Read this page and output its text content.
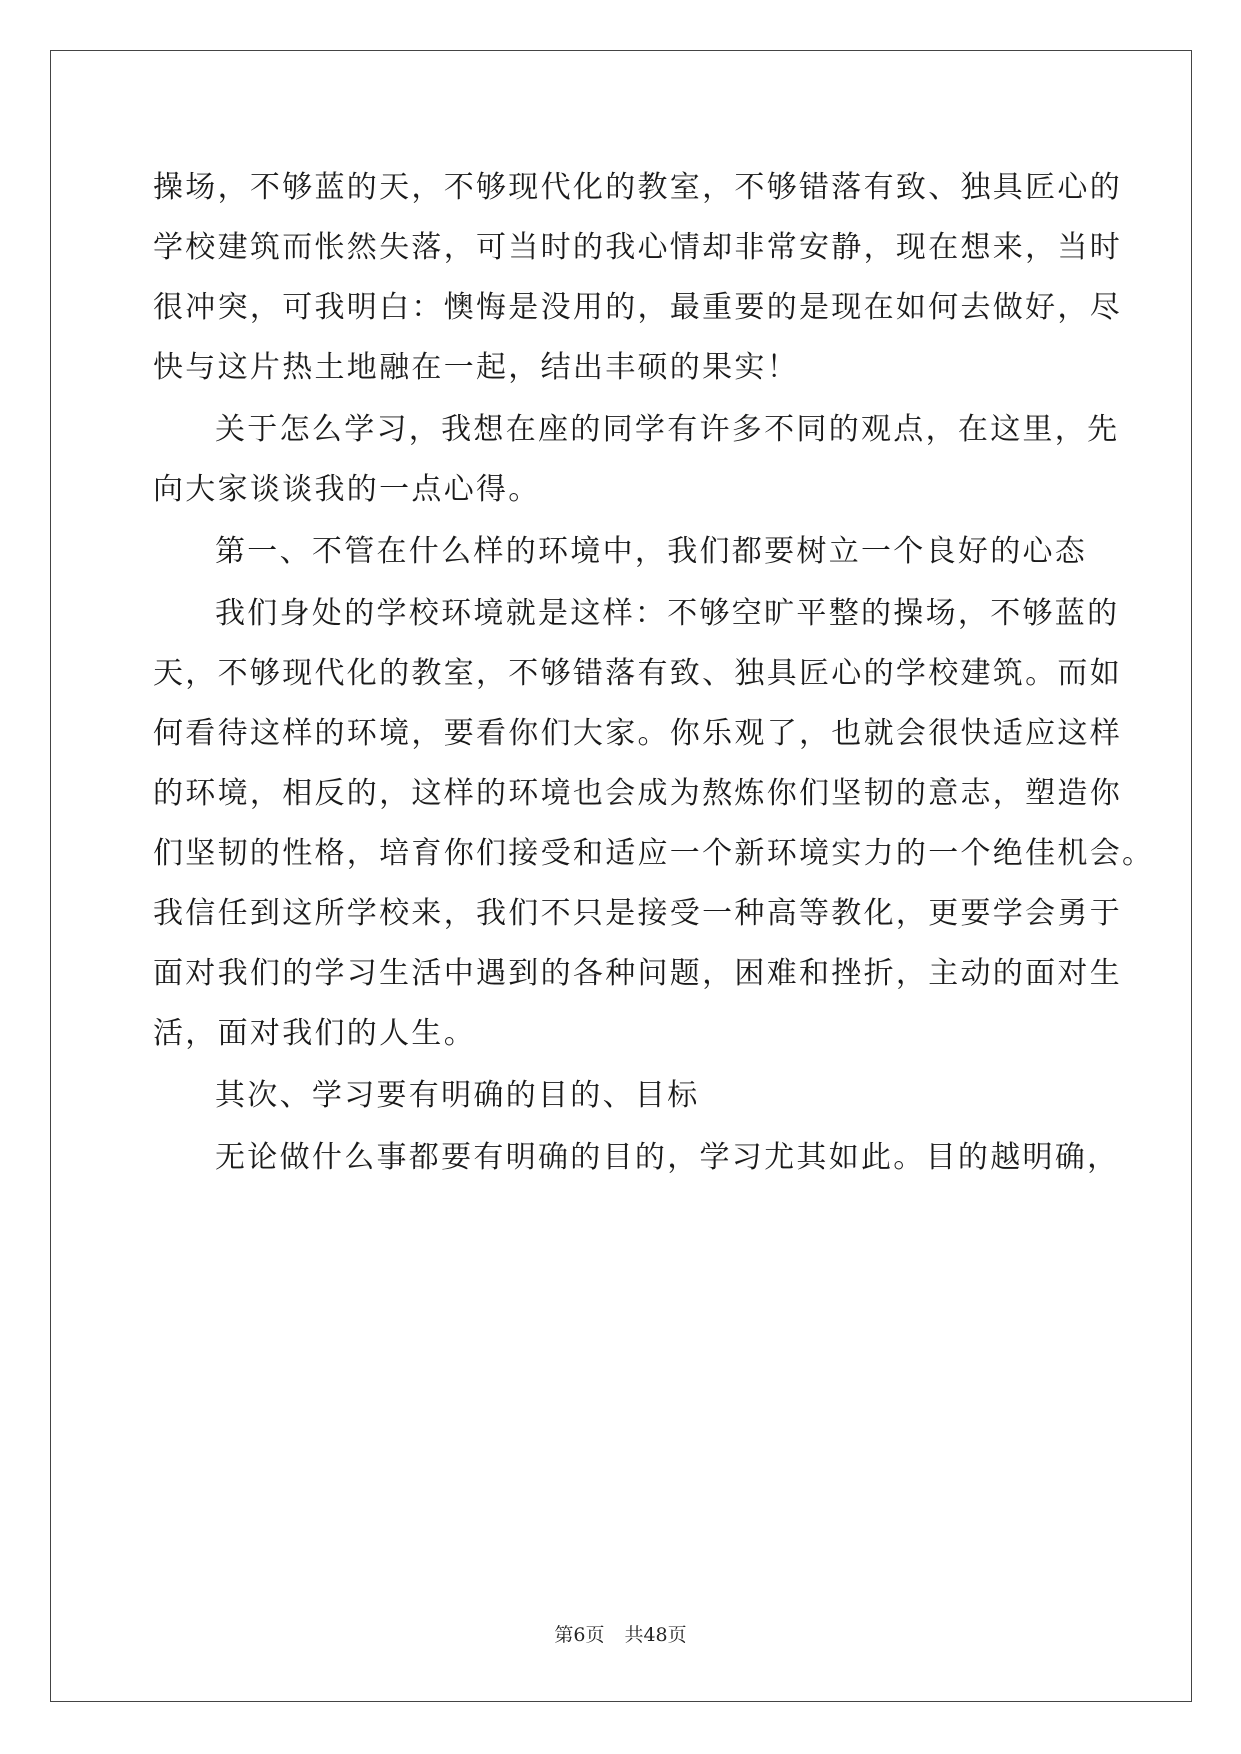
操场，不够蓝的天，不够现代化的教室，不够错落有致、独具匠心的
学校建筑而怅然失落，可当时的我心情却非常安静，现在想来，当时
很冲突，可我明白：懊悔是没用的，最重要的是现在如何去做好，尽
快与这片热土地融在一起，结出丰硕的果实！
关于怎么学习，我想在座的同学有许多不同的观点，在这里，先
向大家谈谈我的一点心得。
第一、不管在什么样的环境中，我们都要树立一个良好的心态
我们身处的学校环境就是这样：不够空旷平整的操场，不够蓝的
天，不够现代化的教室，不够错落有致、独具匠心的学校建筑。而如
何看待这样的环境，要看你们大家。你乐观了，也就会很快适应这样
的环境，相反的，这样的环境也会成为熬炼你们坚韧的意志，塑造你
们坚韧的性格，培育你们接受和适应一个新环境实力的一个绝佳机会。
我信任到这所学校来，我们不只是接受一种高等教化，更要学会勇于
面对我们的学习生活中遇到的各种问题，困难和挫折，主动的面对生
活，面对我们的人生。
其次、学习要有明确的目的、目标
无论做什么事都要有明确的目的，学习尤其如此。目的越明确，
第6页 共48页
